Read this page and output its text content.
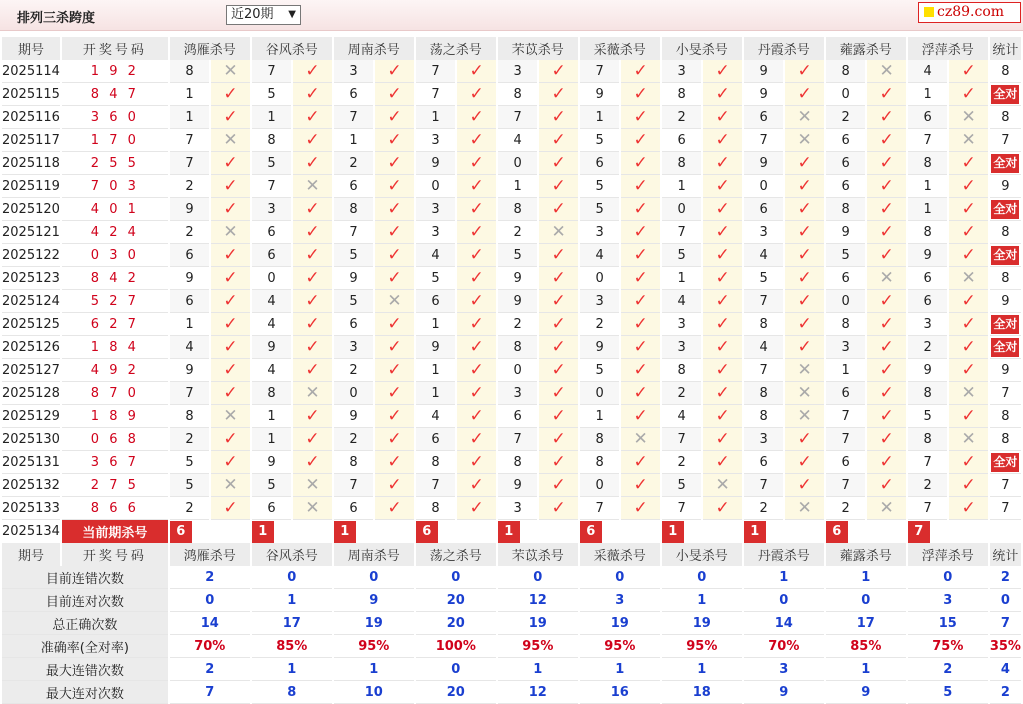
排列三杀跨度	近20期 ▼	cz89.com
期号	开奖号码	鸿雁杀号		谷风杀号		周南杀号		荡之杀号		芣苡杀号		采薇杀号		小旻杀号		丹霞杀号		蕹露杀号		浮萍杀号		统计
2025114	1 9 2	8	✕	7	✓	3	✓	7	✓	3	✓	7	✓	3	✓	9	✓	8	✕	4	✓	8
2025115	8 4 7	1	✓	5	✓	6	✓	7	✓	8	✓	9	✓	8	✓	9	✓	0	✓	1	✓	全对
2025116	3 6 0	1	✓	1	✓	7	✓	1	✓	7	✓	1	✓	2	✓	6	✕	2	✓	6	✕	8
2025117	1 7 0	7	✕	8	✓	1	✓	3	✓	4	✓	5	✓	6	✓	7	✕	6	✓	7	✕	7
2025118	2 5 5	7	✓	5	✓	2	✓	9	✓	0	✓	6	✓	8	✓	9	✓	6	✓	8	✓	全对
2025119	7 0 3	2	✓	7	✕	6	✓	0	✓	1	✓	5	✓	1	✓	0	✓	6	✓	1	✓	9
2025120	4 0 1	9	✓	3	✓	8	✓	3	✓	8	✓	5	✓	0	✓	6	✓	8	✓	1	✓	全对
2025121	4 2 4	2	✕	6	✓	7	✓	3	✓	2	✕	3	✓	7	✓	3	✓	9	✓	8	✓	8
2025122	0 3 0	6	✓	6	✓	5	✓	4	✓	5	✓	4	✓	5	✓	4	✓	5	✓	9	✓	全对
2025123	8 4 2	9	✓	0	✓	9	✓	5	✓	9	✓	0	✓	1	✓	5	✓	6	✕	6	✕	8
2025124	5 2 7	6	✓	4	✓	5	✕	6	✓	9	✓	3	✓	4	✓	7	✓	0	✓	6	✓	9
2025125	6 2 7	1	✓	4	✓	6	✓	1	✓	2	✓	2	✓	3	✓	8	✓	8	✓	3	✓	全对
2025126	1 8 4	4	✓	9	✓	3	✓	9	✓	8	✓	9	✓	3	✓	4	✓	3	✓	2	✓	全对
2025127	4 9 2	9	✓	4	✓	2	✓	1	✓	0	✓	5	✓	8	✓	7	✕	1	✓	9	✓	9
2025128	8 7 0	7	✓	8	✕	0	✓	1	✓	3	✓	0	✓	2	✓	8	✕	6	✓	8	✕	7
2025129	1 8 9	8	✕	1	✓	9	✓	4	✓	6	✓	1	✓	4	✓	8	✕	7	✓	5	✓	8
2025130	0 6 8	2	✓	1	✓	2	✓	6	✓	7	✓	8	✕	7	✓	3	✓	7	✓	8	✕	8
2025131	3 6 7	5	✓	9	✓	8	✓	8	✓	8	✓	8	✓	2	✓	6	✓	6	✓	7	✓	全对
2025132	2 7 5	5	✕	5	✕	7	✓	7	✓	9	✓	0	✓	5	✕	7	✓	7	✓	2	✓	7
2025133	8 6 6	2	✓	6	✕	6	✓	8	✓	3	✓	7	✓	7	✓	2	✕	2	✕	7	✓	7
2025134	当前期杀号	6		1		1		6		1		6		1		1		6		7		

期号	开奖号码	鸿雁杀号		谷风杀号		周南杀号		荡之杀号		芣苡杀号		采薇杀号		小旻杀号		丹霞杀号		蕹露杀号		浮萍杀号		统计
目前连错次数		2		0		0		0		0		0		0		1		1		0		2
目前连对次数		0		1		9		20		12		3		1		0		0		3		0
总正确次数		14		17		19		20		19		19		19		14		17		15		7
准确率(全对率)		70%		85%		95%		100%		95%		95%		95%		70%		85%		75%		35%
最大连错次数		2		1		1		0		1		1		1		3		1		2		4
最大连对次数		7		8		10		20		12		16		18		9		9		5		2
